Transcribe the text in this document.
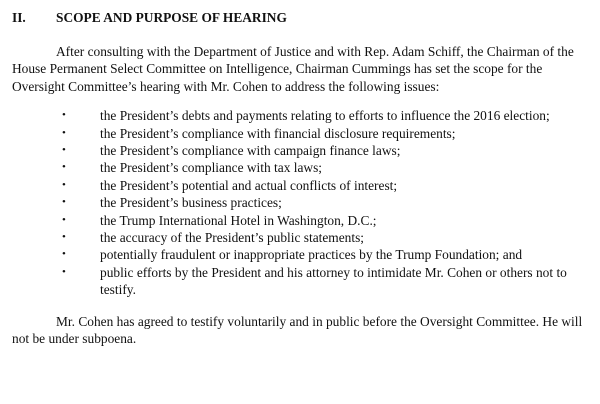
II.	SCOPE AND PURPOSE OF HEARING

After consulting with the Department of Justice and with Rep. Adam Schiff, the Chairman of the House Permanent Select Committee on Intelligence, Chairman Cummings has set the scope for the Oversight Committee’s hearing with Mr. Cohen to address the following issues:

•	the President’s debts and payments relating to efforts to influence the 2016 election;
•	the President’s compliance with financial disclosure requirements;
•	the President’s compliance with campaign finance laws;
•	the President’s compliance with tax laws;
•	the President’s potential and actual conflicts of interest;
•	the President’s business practices;
•	the Trump International Hotel in Washington, D.C.;
•	the accuracy of the President’s public statements;
•	potentially fraudulent or inappropriate practices by the Trump Foundation; and
•	public efforts by the President and his attorney to intimidate Mr. Cohen or others not to testify.

Mr. Cohen has agreed to testify voluntarily and in public before the Oversight Committee. He will not be under subpoena.
